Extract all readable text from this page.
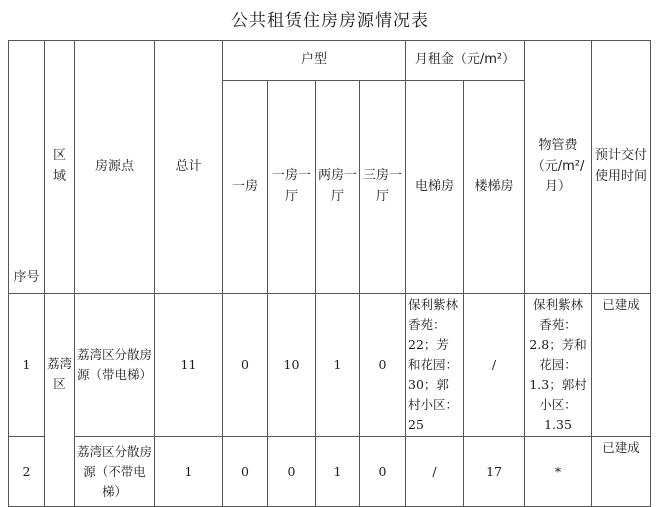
公共租赁住房房源情况表
序号	区域	房源点	总计	户型				月租金（元/m²）		物管费（元/m²/月）	预计交付使用时间
				一房	一房一厅	两房一厅	三房一厅	电梯房	楼梯房		
1	荔湾区	荔湾区分散房源（带电梯）	11	0	10	1	0	保利紫林香苑：22；芳和花园：30；郭村小区：25	/	保利紫林香苑：2.8；芳和花园：1.3；郭村小区：1.35	已建成
2		荔湾区分散房源（不带电梯）	1	0	0	1	0	/	17	*	已建成
